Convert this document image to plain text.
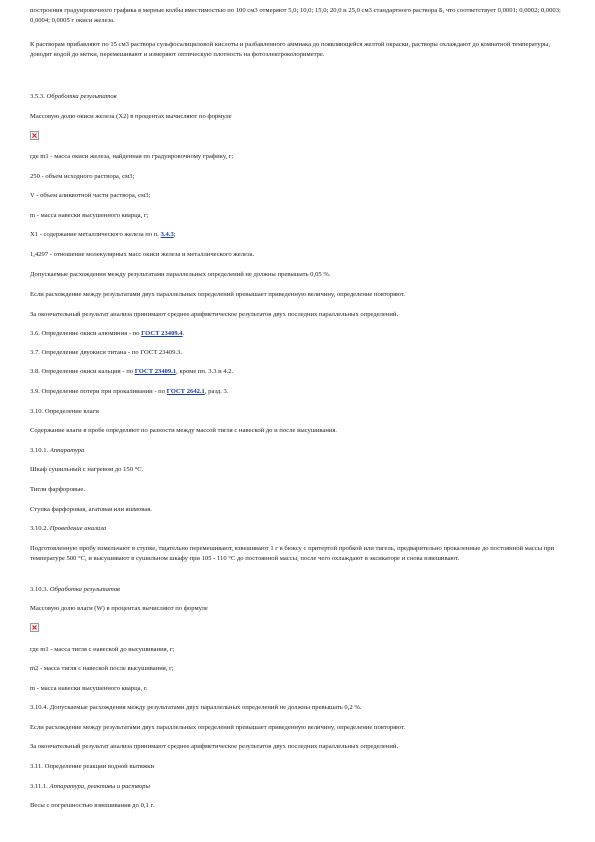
построения градуировочного графика в мерные колбы вместимостью по 100 см3 отмеряют 5,0; 10,0; 15,0; 20,0 и 25,0 см3 стандартного раствора Б, что соответствует 0,0001; 0,0002; 0,0003; 0,0004; 0,0005 г окиси железа.

К растворам прибавляют по 15 см3 раствора сульфосалициловой кислоты и разбавленного аммиака до появляющейся желтой окраски, растворы охлаждают до комнатной температуры, доводят водой до метки, перемешивают и измеряют оптическую плотность на фотоэлектроколориметре.

3.5.3. Обработка результатов

Массовую долю окиси железа (X2) в процентах вычисляют по формуле

где m1 - масса окиси железа, найденная по градуировочному графику, г;

250 - объем исходного раствора, см3;

V - объем аликвотной части раствора, см3;

m - масса навески высушенного кварца, г;

X1 - содержание металлического железа по п. 3.4.3;

1,4297 - отношение молекулярных масс окиси железа и металлического железа.

Допускаемые расхождения между результатами параллельных определений не должны превышать 0,05 %.

Если расхождение между результатами двух параллельных определений превышает приведенную величину, определение повторяют.

За окончательный результат анализа принимают среднее арифметическое результатов двух последних параллельных определений.

3.6. Определение окиси алюминия - по ГОСТ 23409.4.

3.7. Определение двуокиси титана - по ГОСТ 23409.3.

3.8. Определение окиси кальция - по ГОСТ 23409.1, кроме пп. 3.3 и 4.2.

3.9. Определение потери при прокаливании - по ГОСТ 2642.1, разд. 3.

3.10. Определение влаги

Содержание влаги в пробе определяют по разности между массой тигля с навеской до и после высушивания.

3.10.1. Аппаратура

Шкаф сушильный с нагревом до 150 °С.

Тигли фарфоровые.

Ступка фарфоровая, агатовая или яшмовая.

3.10.2. Проведение анализа

Подготовленную пробу измельчают в ступке, тщательно перемешивают, взвешивают 1 г в бюксу с притертой пробкой или тигель, предварительно прокаленные до постоянной массы при температуре 500 °С, и высушивают в сушильном шкафу при 105 - 110 °С до постоянной массы, после чего охлаждают в эксикаторе и снова взвешивают.

3.10.3. Обработка результатов

Массовую долю влаги (W) в процентах вычисляют по формуле

где m1 - масса тигля с навеской до высушивания, г;

m2 - масса тигля с навеской после высушивания, г;

m - масса навески высушенного кварца, г.

3.10.4. Допускаемые расхождения между результатами двух параллельных определений не должны превышать 0,2 %.

Если расхождение между результатами двух параллельных определений превышает приведенную величину, определение повторяют.

За окончательный результат анализа принимают среднее арифметическое результатов двух последних параллельных определений.

3.11. Определение реакции водной вытяжки

3.11.1. Аппаратура, реактивы и растворы

Весы с погрешностью взвешивания до 0,1 г.
